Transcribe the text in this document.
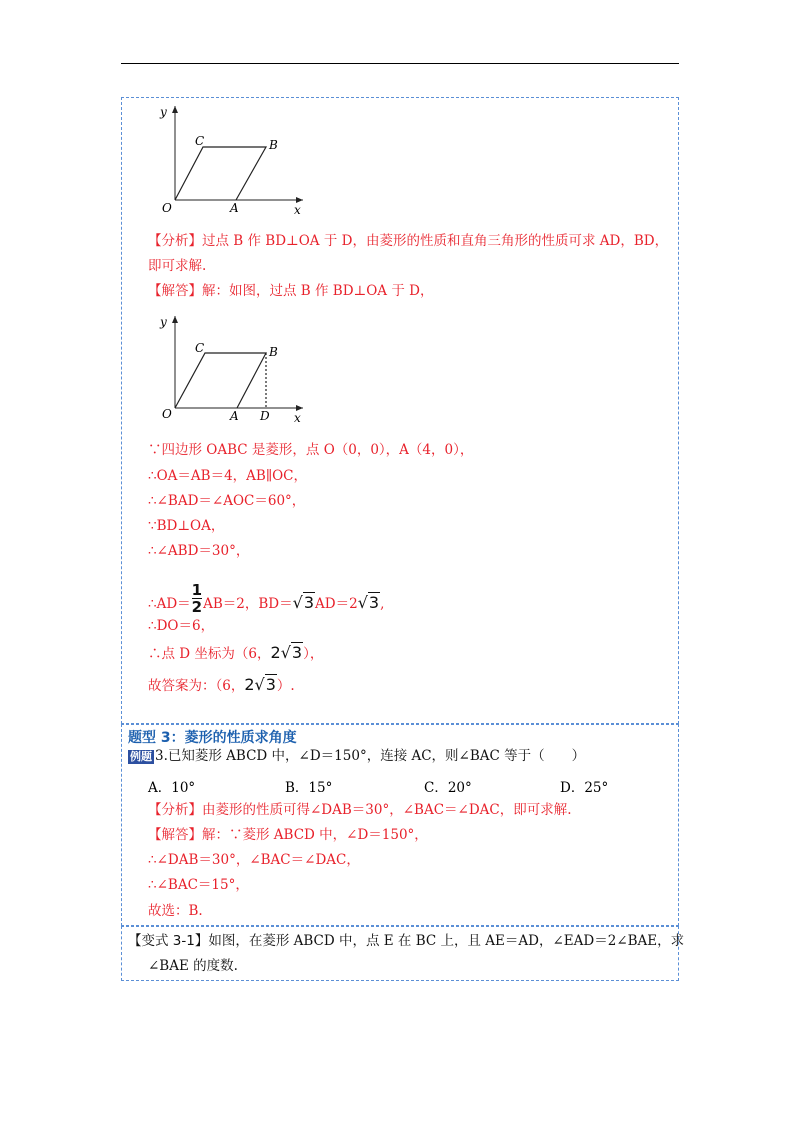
y
x
O	A
B
C
【分析】过点 B 作 BD⊥OA 于 D，由菱形的性质和直角三角形的性质可求 AD，BD，
即可求解.
【解答】解：如图，过点 B 作 BD⊥OA 于 D，
y
x
O	A
B
C
D
∵四边形 OABC 是菱形，点 O（0，0），A（4，0），
∴OA＝AB＝4，AB∥OC，
∴∠BAD＝∠AOC＝60°，
∵BD⊥OA，
∴∠ABD＝30°，
∴AD＝ $\frac{1}{2} AB=2$，BD＝√3AD＝2√3,
∴DO＝6，
∴点 D 坐标为（6，2√3），
故答案为：（6，2√3）.
题型 3：菱形的性质求角度
例题 3.已知菱形 ABCD 中，∠D＝150°，连接 AC，则∠BAC 等于（　　）
A．10°	B．15°	C．20°	D．25°
【分析】由菱形的性质可得∠DAB＝30°，∠BAC＝∠DAC，即可求解.
【解答】解：∵菱形 ABCD 中，∠D＝150°，
∴∠DAB＝30°，∠BAC＝∠DAC，
∴∠BAC＝15°，
故选：B.
【变式 3-1】如图，在菱形 ABCD 中，点 E 在 BC 上，且 AE＝AD，∠EAD＝2∠BAE，求
∠BAE 的度数.
